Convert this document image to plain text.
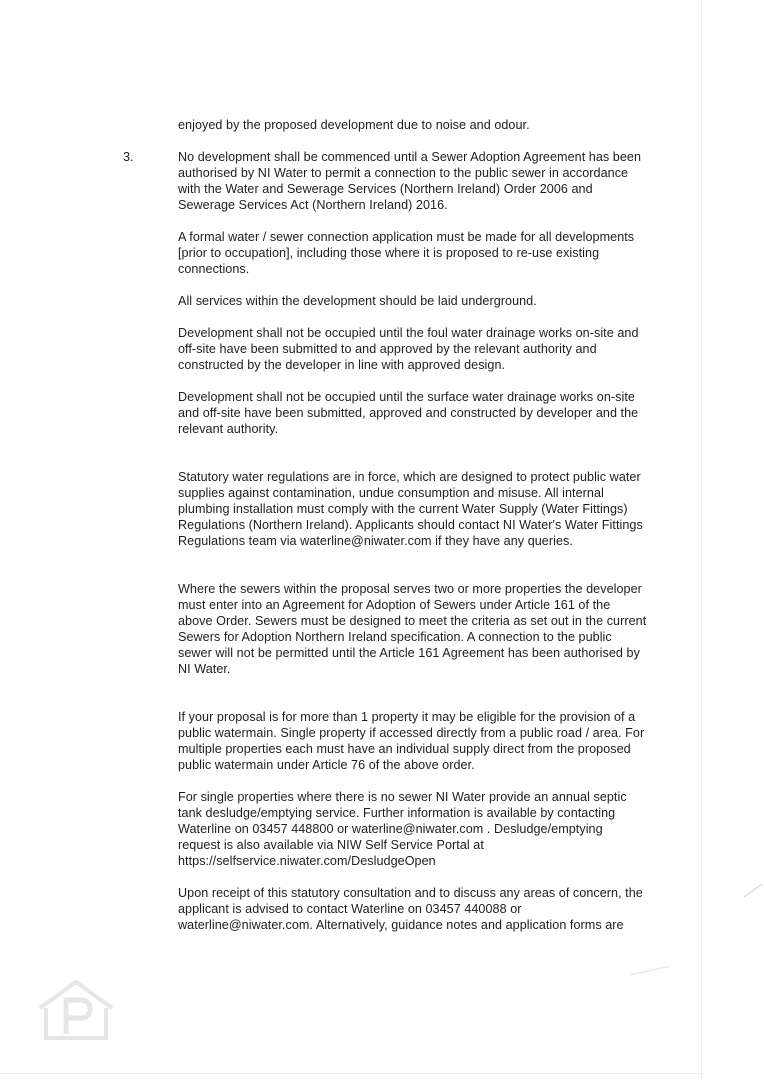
3.

enjoyed by the proposed development due to noise and odour.

No development shall be commenced until a Sewer Adoption Agreement has been
authorised by NI Water to permit a connection to the public sewer in accordance
with the Water and Sewerage Services (Northern Ireland) Order 2006 and
Sewerage Services Act (Northern Ireland) 2016.

A formal water / sewer connection application must be made for all developments
[prior to occupation], including those where it is proposed to re-use existing
connections.

All services within the development should be laid underground.

Development shall not be occupied until the foul water drainage works on-site and
off-site have been submitted to and approved by the relevant authority and
constructed by the developer in line with approved design.

Development shall not be occupied until the surface water drainage works on-site
and off-site have been submitted, approved and constructed by developer and the
relevant authority.

Statutory water regulations are in force, which are designed to protect public water
supplies against contamination, undue consumption and misuse. All internal
plumbing installation must comply with the current Water Supply (Water Fittings)
Regulations (Northern Ireland). Applicants should contact NI Water's Water Fittings
Regulations team via waterline@niwater.com if they have any queries.

Where the sewers within the proposal serves two or more properties the developer
must enter into an Agreement for Adoption of Sewers under Article 161 of the
above Order. Sewers must be designed to meet the criteria as set out in the current
Sewers for Adoption Northern Ireland specification. A connection to the public
sewer will not be permitted until the Article 161 Agreement has been authorised by
NI Water.

If your proposal is for more than 1 property it may be eligible for the provision of a
public watermain. Single property if accessed directly from a public road / area. For
multiple properties each must have an individual supply direct from the proposed
public watermain under Article 76 of the above order.

For single properties where there is no sewer NI Water provide an annual septic
tank desludge/emptying service. Further information is available by contacting
Waterline on 03457 448800 or waterline@niwater.com . Desludge/emptying
request is also available via NIW Self Service Portal at
https://selfservice.niwater.com/DesludgeOpen

Upon receipt of this statutory consultation and to discuss any areas of concern, the
applicant is advised to contact Waterline on 03457 440088 or
waterline@niwater.com. Alternatively, guidance notes and application forms are
